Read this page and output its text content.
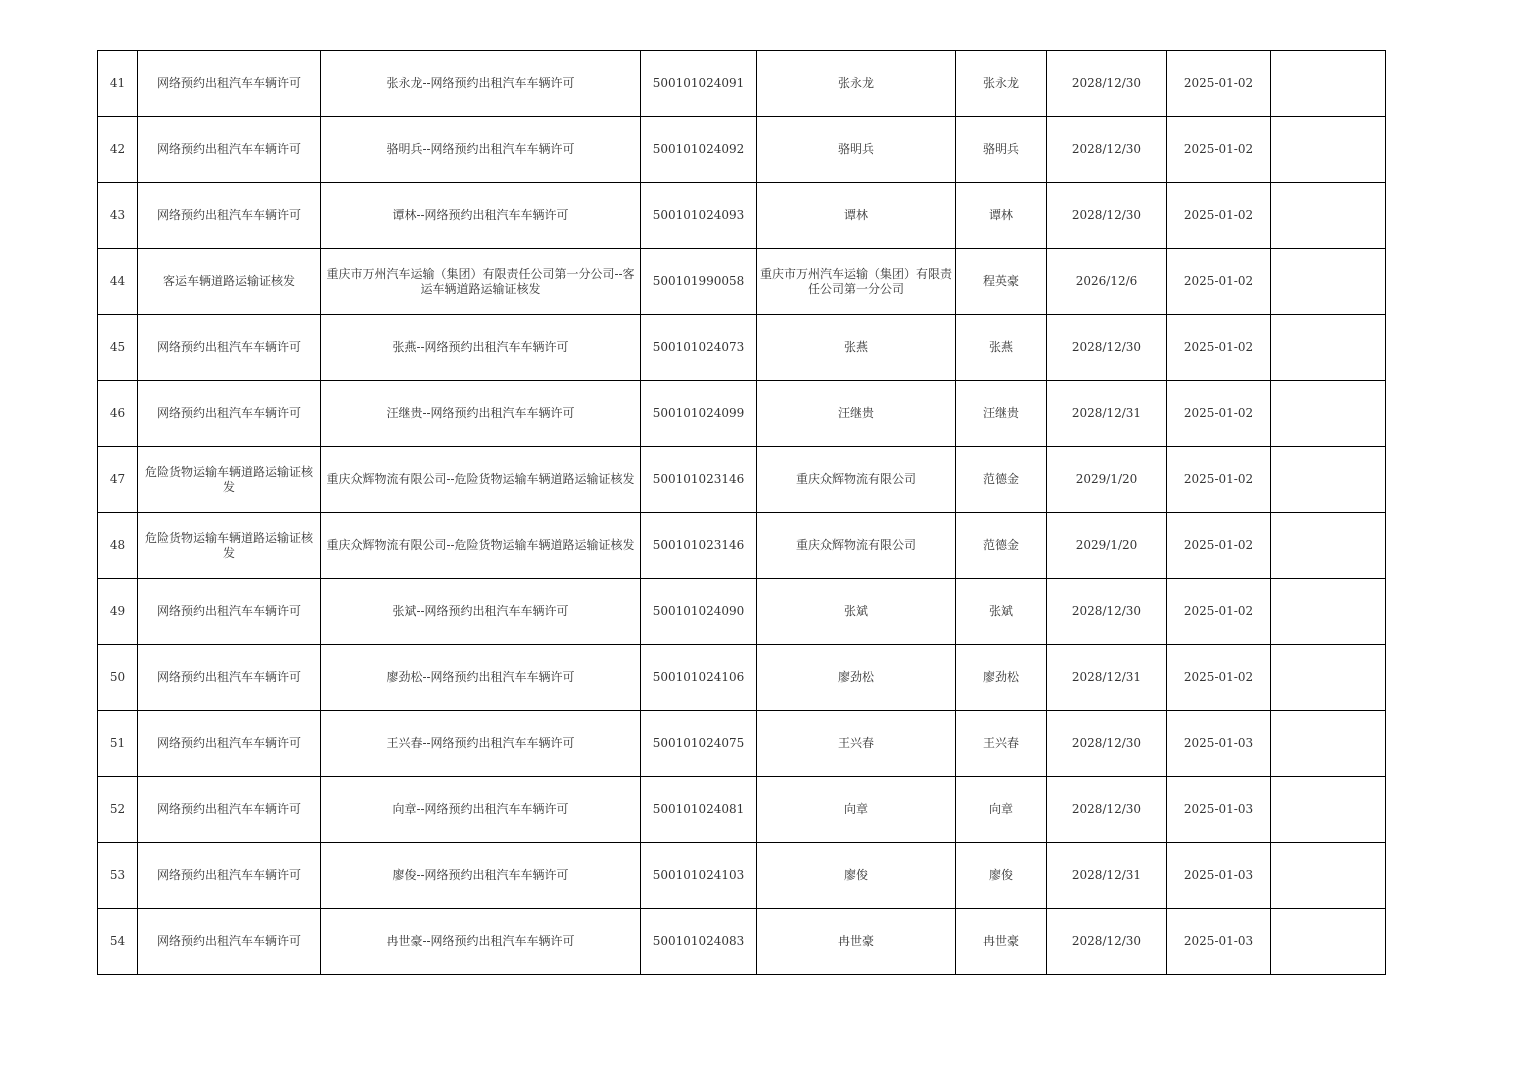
41	网络预约出租汽车车辆许可	张永龙--网络预约出租汽车车辆许可	500101024091	张永龙	张永龙	2028/12/30	2025-01-02	
42	网络预约出租汽车车辆许可	骆明兵--网络预约出租汽车车辆许可	500101024092	骆明兵	骆明兵	2028/12/30	2025-01-02	
43	网络预约出租汽车车辆许可	谭林--网络预约出租汽车车辆许可	500101024093	谭林	谭林	2028/12/30	2025-01-02	
44	客运车辆道路运输证核发	重庆市万州汽车运输（集团）有限责任公司第一分公司--客运车辆道路运输证核发	500101990058	重庆市万州汽车运输（集团）有限责任公司第一分公司	程英豪	2026/12/6	2025-01-02	
45	网络预约出租汽车车辆许可	张燕--网络预约出租汽车车辆许可	500101024073	张燕	张燕	2028/12/30	2025-01-02	
46	网络预约出租汽车车辆许可	汪继贵--网络预约出租汽车车辆许可	500101024099	汪继贵	汪继贵	2028/12/31	2025-01-02	
47	危险货物运输车辆道路运输证核发	重庆众辉物流有限公司--危险货物运输车辆道路运输证核发	500101023146	重庆众辉物流有限公司	范德金	2029/1/20	2025-01-02	
48	危险货物运输车辆道路运输证核发	重庆众辉物流有限公司--危险货物运输车辆道路运输证核发	500101023146	重庆众辉物流有限公司	范德金	2029/1/20	2025-01-02	
49	网络预约出租汽车车辆许可	张斌--网络预约出租汽车车辆许可	500101024090	张斌	张斌	2028/12/30	2025-01-02	
50	网络预约出租汽车车辆许可	廖劲松--网络预约出租汽车车辆许可	500101024106	廖劲松	廖劲松	2028/12/31	2025-01-02	
51	网络预约出租汽车车辆许可	王兴春--网络预约出租汽车车辆许可	500101024075	王兴春	王兴春	2028/12/30	2025-01-03	
52	网络预约出租汽车车辆许可	向章--网络预约出租汽车车辆许可	500101024081	向章	向章	2028/12/30	2025-01-03	
53	网络预约出租汽车车辆许可	廖俊--网络预约出租汽车车辆许可	500101024103	廖俊	廖俊	2028/12/31	2025-01-03	
54	网络预约出租汽车车辆许可	冉世豪--网络预约出租汽车车辆许可	500101024083	冉世豪	冉世豪	2028/12/30	2025-01-03	
